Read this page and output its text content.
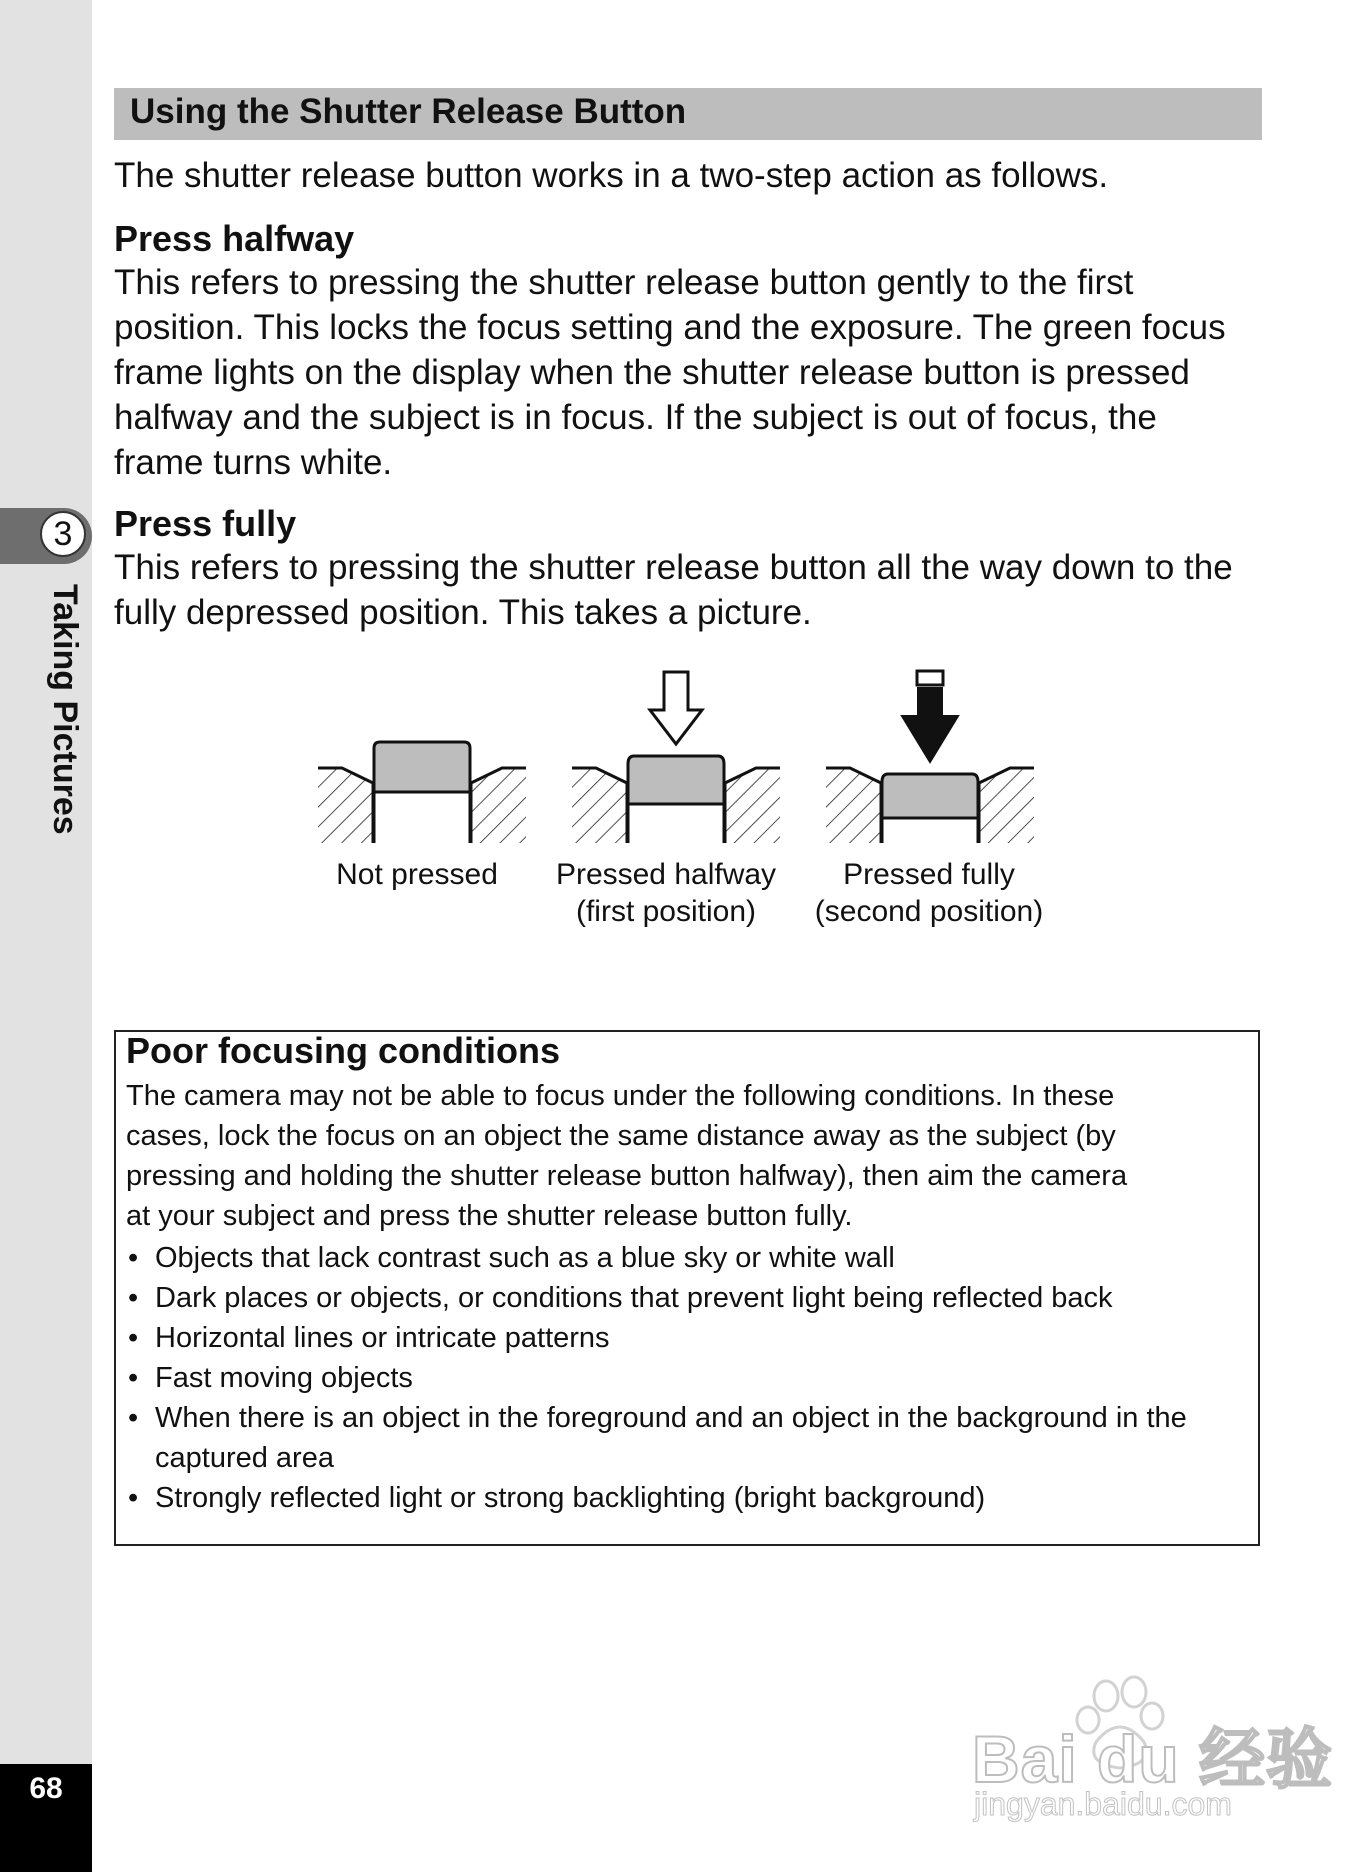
3
Taking Pictures
68
Using the Shutter Release Button
The shutter release button works in a two-step action as follows.
Press halfway
This refers to pressing the shutter release button gently to the first
position. This locks the focus setting and the exposure. The green focus
frame lights on the display when the shutter release button is pressed
halfway and the subject is in focus. If the subject is out of focus, the
frame turns white.
Press fully
This refers to pressing the shutter release button all the way down to the
fully depressed position. This takes a picture.
Not pressed	Pressed halfway
(first position)
Pressed fully
(second position)
Poor focusing conditions
The camera may not be able to focus under the following conditions. In these
cases, lock the focus on an object the same distance away as the subject (by
pressing and holding the shutter release button halfway), then aim the camera
at your subject and press the shutter release button fully.
• Objects that lack contrast such as a blue sky or white wall
• Dark places or objects, or conditions that prevent light being reflected back
• Horizontal lines or intricate patterns
• Fast moving objects
• When there is an object in the foreground and an object in the background in the captured area
• Strongly reflected light or strong backlighting (bright background)
Bai du 经验
jingyan.baidu.com
